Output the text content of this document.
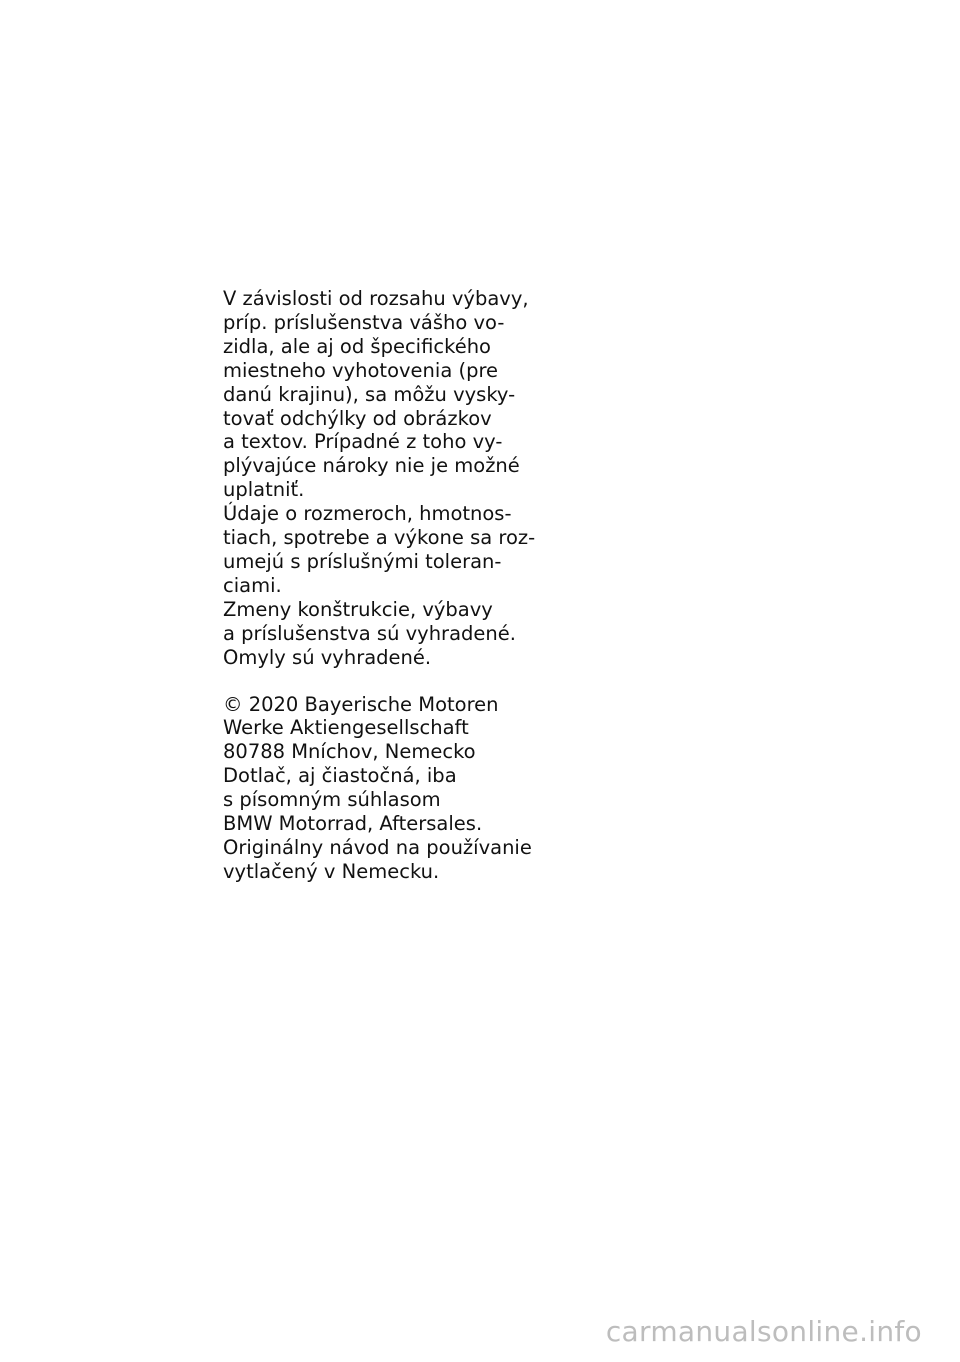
V závislosti od rozsahu výbavy,
príp. príslušenstva vášho vo-
zidla, ale aj od špecifického
miestneho vyhotovenia (pre
danú krajinu), sa môžu vysky-
tovať odchýlky od obrázkov
a textov. Prípadné z toho vy-
plývajúce nároky nie je možné
uplatniť.
Údaje o rozmeroch, hmotnos-
tiach, spotrebe a výkone sa roz-
umejú s príslušnými toleran-
ciami.
Zmeny konštrukcie, výbavy
a príslušenstva sú vyhradené.
Omyly sú vyhradené.
© 2020 Bayerische Motoren
Werke Aktiengesellschaft
80788 Mníchov, Nemecko
Dotlač, aj čiastočná, iba
s písomným súhlasom
BMW Motorrad, Aftersales.
Originálny návod na používanie
vytlačený v Nemecku.
carmanualsonline.info
